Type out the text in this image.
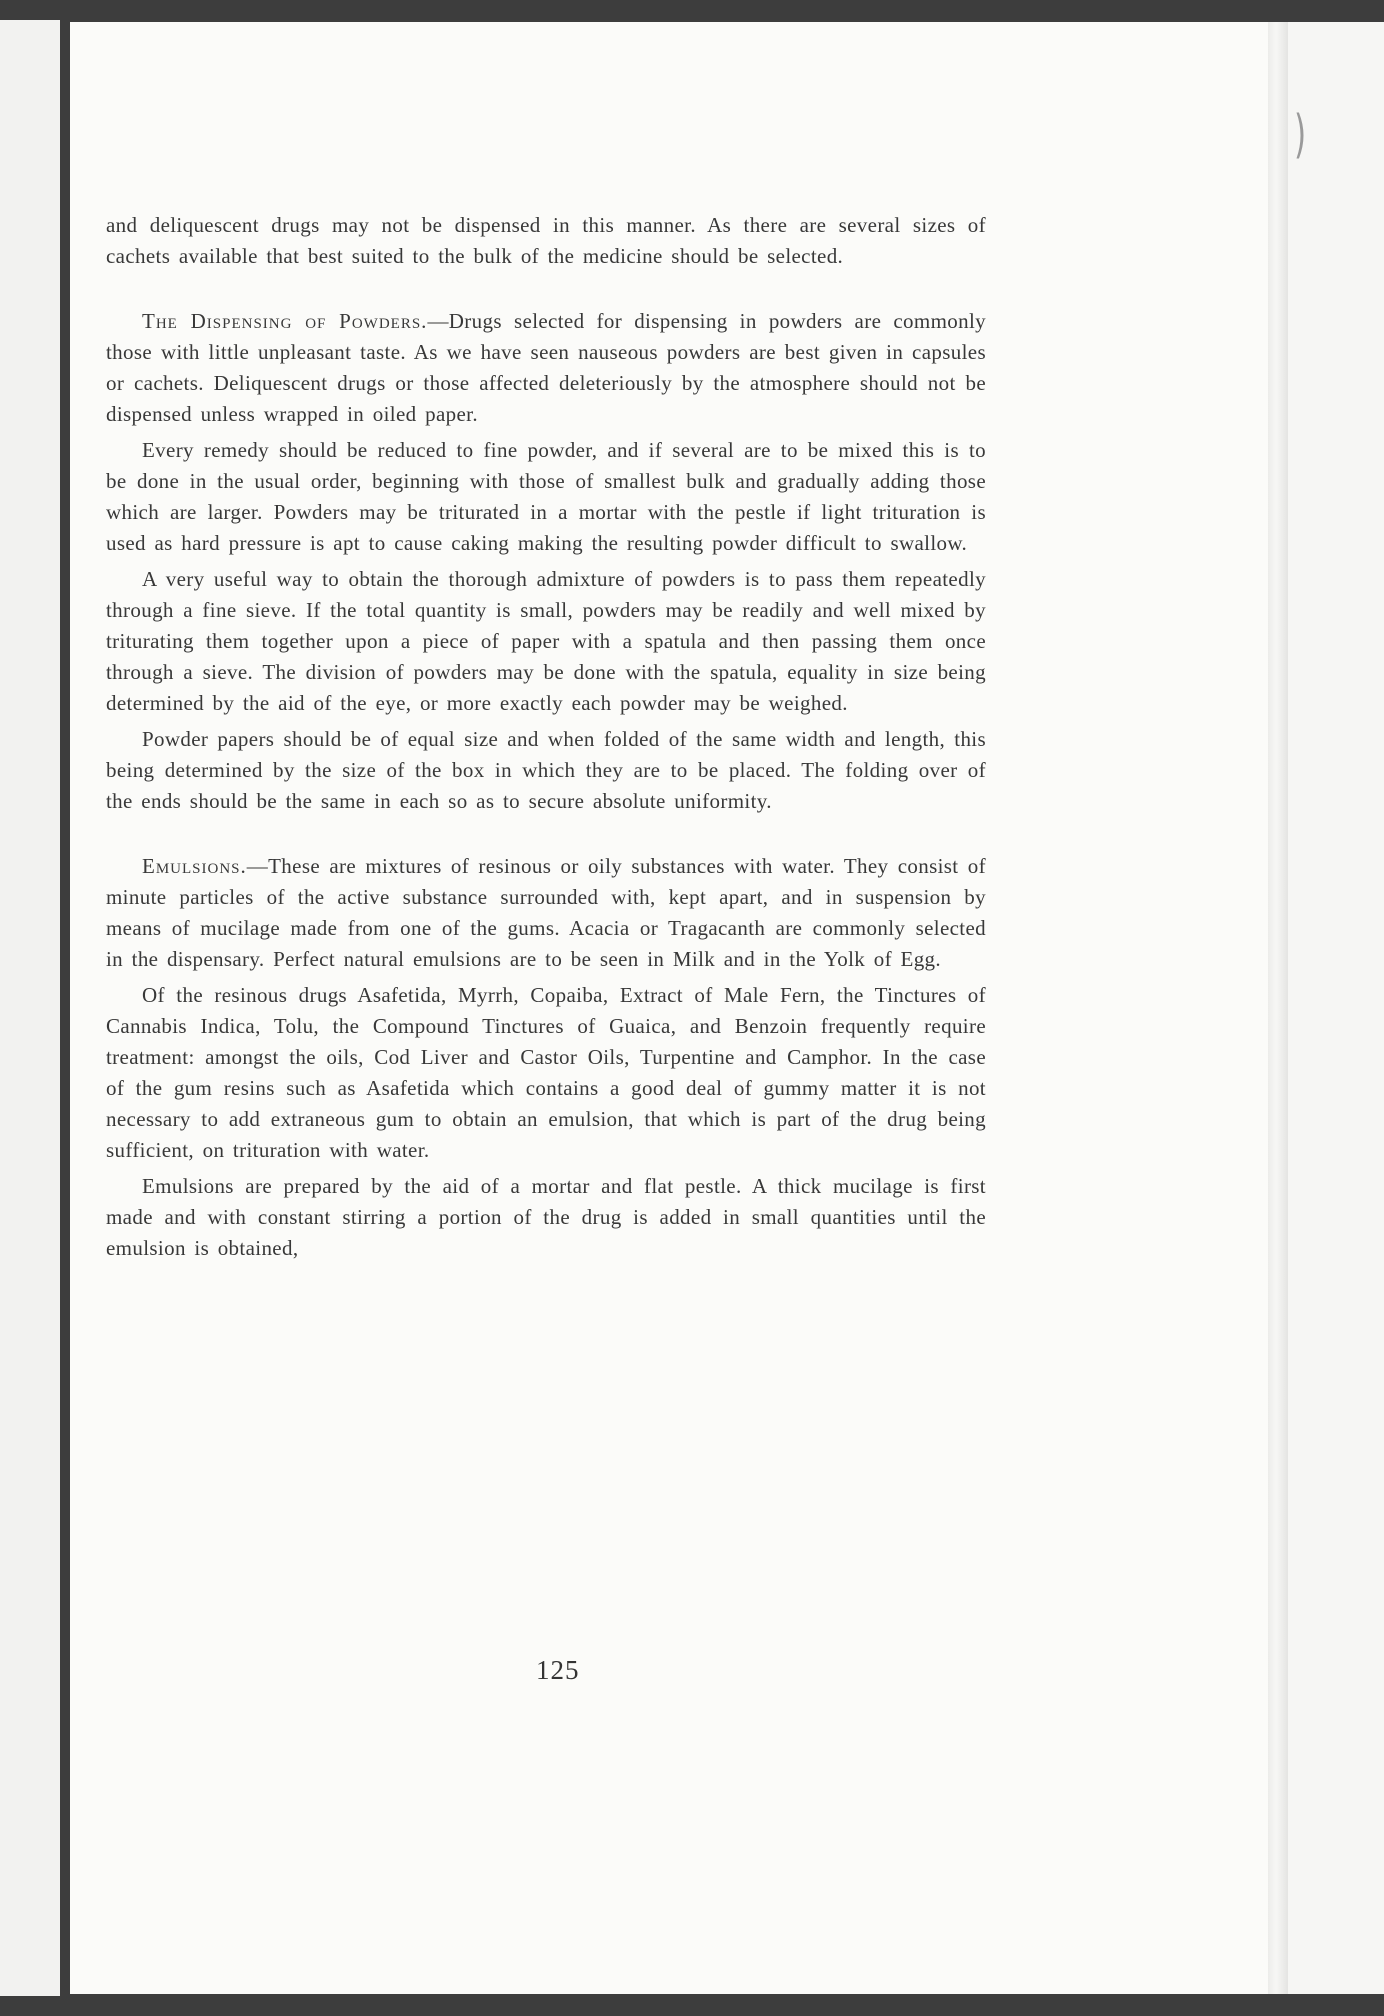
)

and deliquescent drugs may not be dispensed in this manner. As there are several sizes of cachets available that best suited to the bulk of the medicine should be selected.

The Dispensing of Powders.—Drugs selected for dispensing in powders are commonly those with little unpleasant taste. As we have seen nauseous powders are best given in capsules or cachets. Deliquescent drugs or those affected deleteriously by the atmosphere should not be dispensed unless wrapped in oiled paper.

Every remedy should be reduced to fine powder, and if several are to be mixed this is to be done in the usual order, beginning with those of smallest bulk and gradually adding those which are larger. Powders may be triturated in a mortar with the pestle if light trituration is used as hard pressure is apt to cause caking making the resulting powder difficult to swallow.

A very useful way to obtain the thorough admixture of powders is to pass them repeatedly through a fine sieve. If the total quantity is small, powders may be readily and well mixed by triturating them together upon a piece of paper with a spatula and then passing them once through a sieve. The division of powders may be done with the spatula, equality in size being determined by the aid of the eye, or more exactly each powder may be weighed.

Powder papers should be of equal size and when folded of the same width and length, this being determined by the size of the box in which they are to be placed. The folding over of the ends should be the same in each so as to secure absolute uniformity.

Emulsions.—These are mixtures of resinous or oily substances with water. They consist of minute particles of the active substance surrounded with, kept apart, and in suspension by means of mucilage made from one of the gums. Acacia or Tragacanth are commonly selected in the dispensary. Perfect natural emulsions are to be seen in Milk and in the Yolk of Egg.

Of the resinous drugs Asafetida, Myrrh, Copaiba, Extract of Male Fern, the Tinctures of Cannabis Indica, Tolu, the Compound Tinctures of Guaica, and Benzoin frequently require treatment: amongst the oils, Cod Liver and Castor Oils, Turpentine and Camphor. In the case of the gum resins such as Asafetida which contains a good deal of gummy matter it is not necessary to add extraneous gum to obtain an emulsion, that which is part of the drug being sufficient, on trituration with water.

Emulsions are prepared by the aid of a mortar and flat pestle. A thick mucilage is first made and with constant stirring a portion of the drug is added in small quantities until the emulsion is obtained,

125
